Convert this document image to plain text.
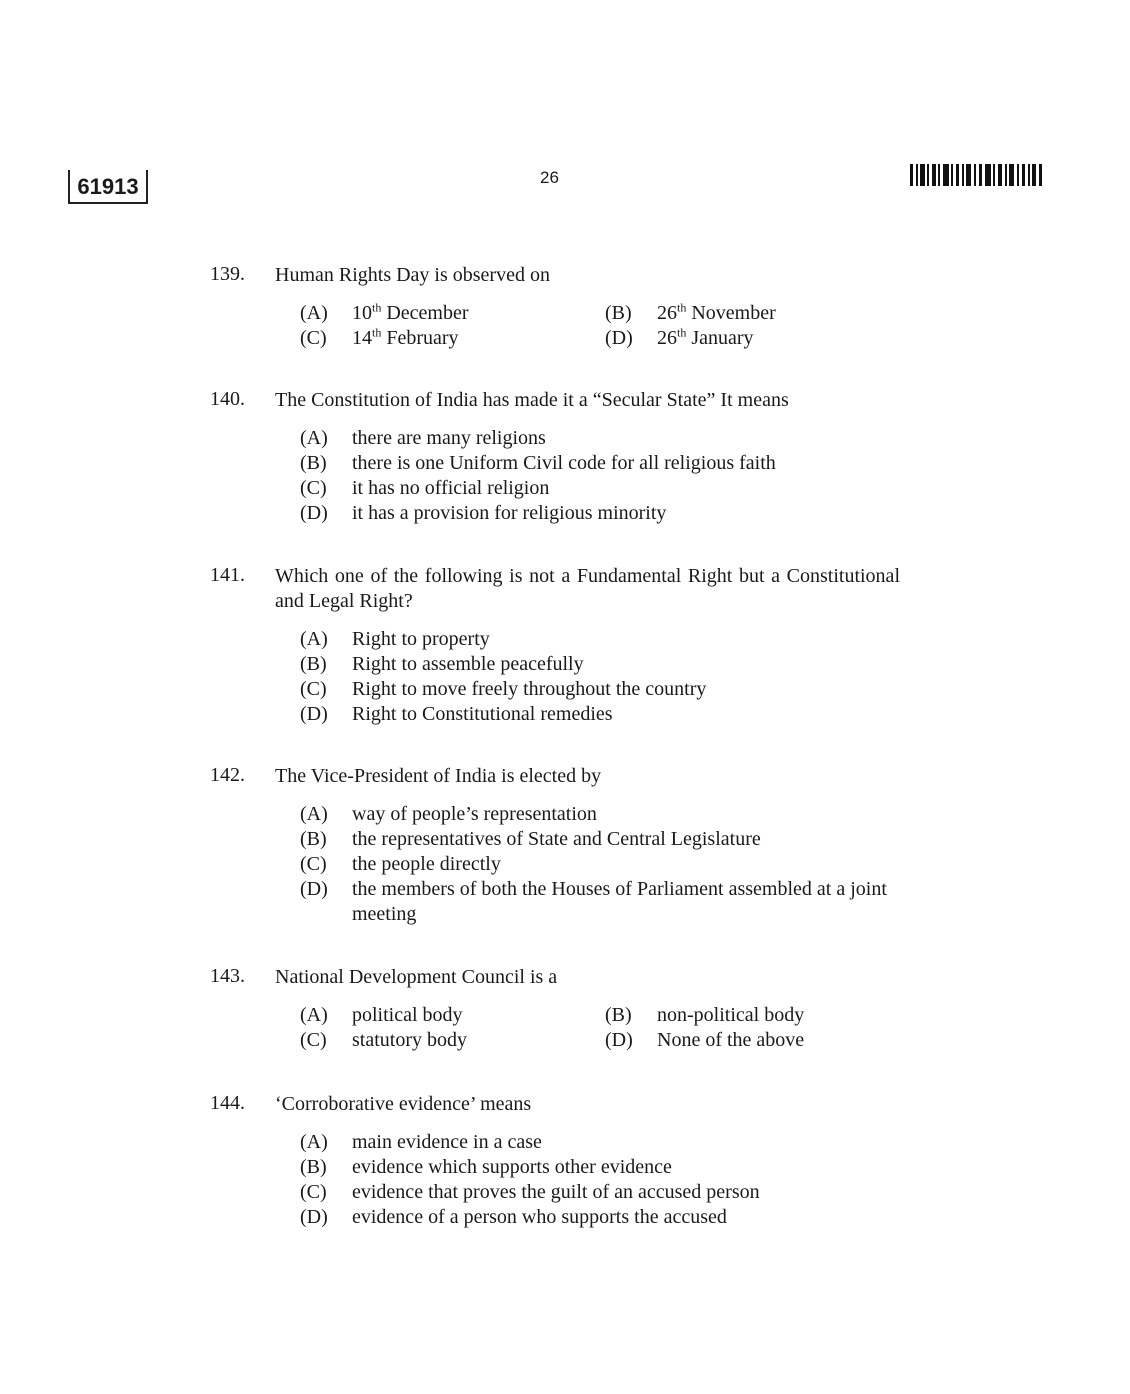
61913	26
139.	Human Rights Day is observed on
(A) 10th December	(B) 26th November
(C) 14th February	(D) 26th January
140.	The Constitution of India has made it a “Secular State” It means
(A) there are many religions
(B) there is one Uniform Civil code for all religious faith
(C) it has no official religion
(D) it has a provision for religious minority
141.	Which one of the following is not a Fundamental Right but a Constitutional and Legal Right?
(A) Right to property
(B) Right to assemble peacefully
(C) Right to move freely throughout the country
(D) Right to Constitutional remedies
142.	The Vice-President of India is elected by
(A) way of people’s representation
(B) the representatives of State and Central Legislature
(C) the people directly
(D) the members of both the Houses of Parliament assembled at a joint meeting
143.	National Development Council is a
(A) political body	(B) non-political body
(C) statutory body	(D) None of the above
144.	‘Corroborative evidence’ means
(A) main evidence in a case
(B) evidence which supports other evidence
(C) evidence that proves the guilt of an accused person
(D) evidence of a person who supports the accused
